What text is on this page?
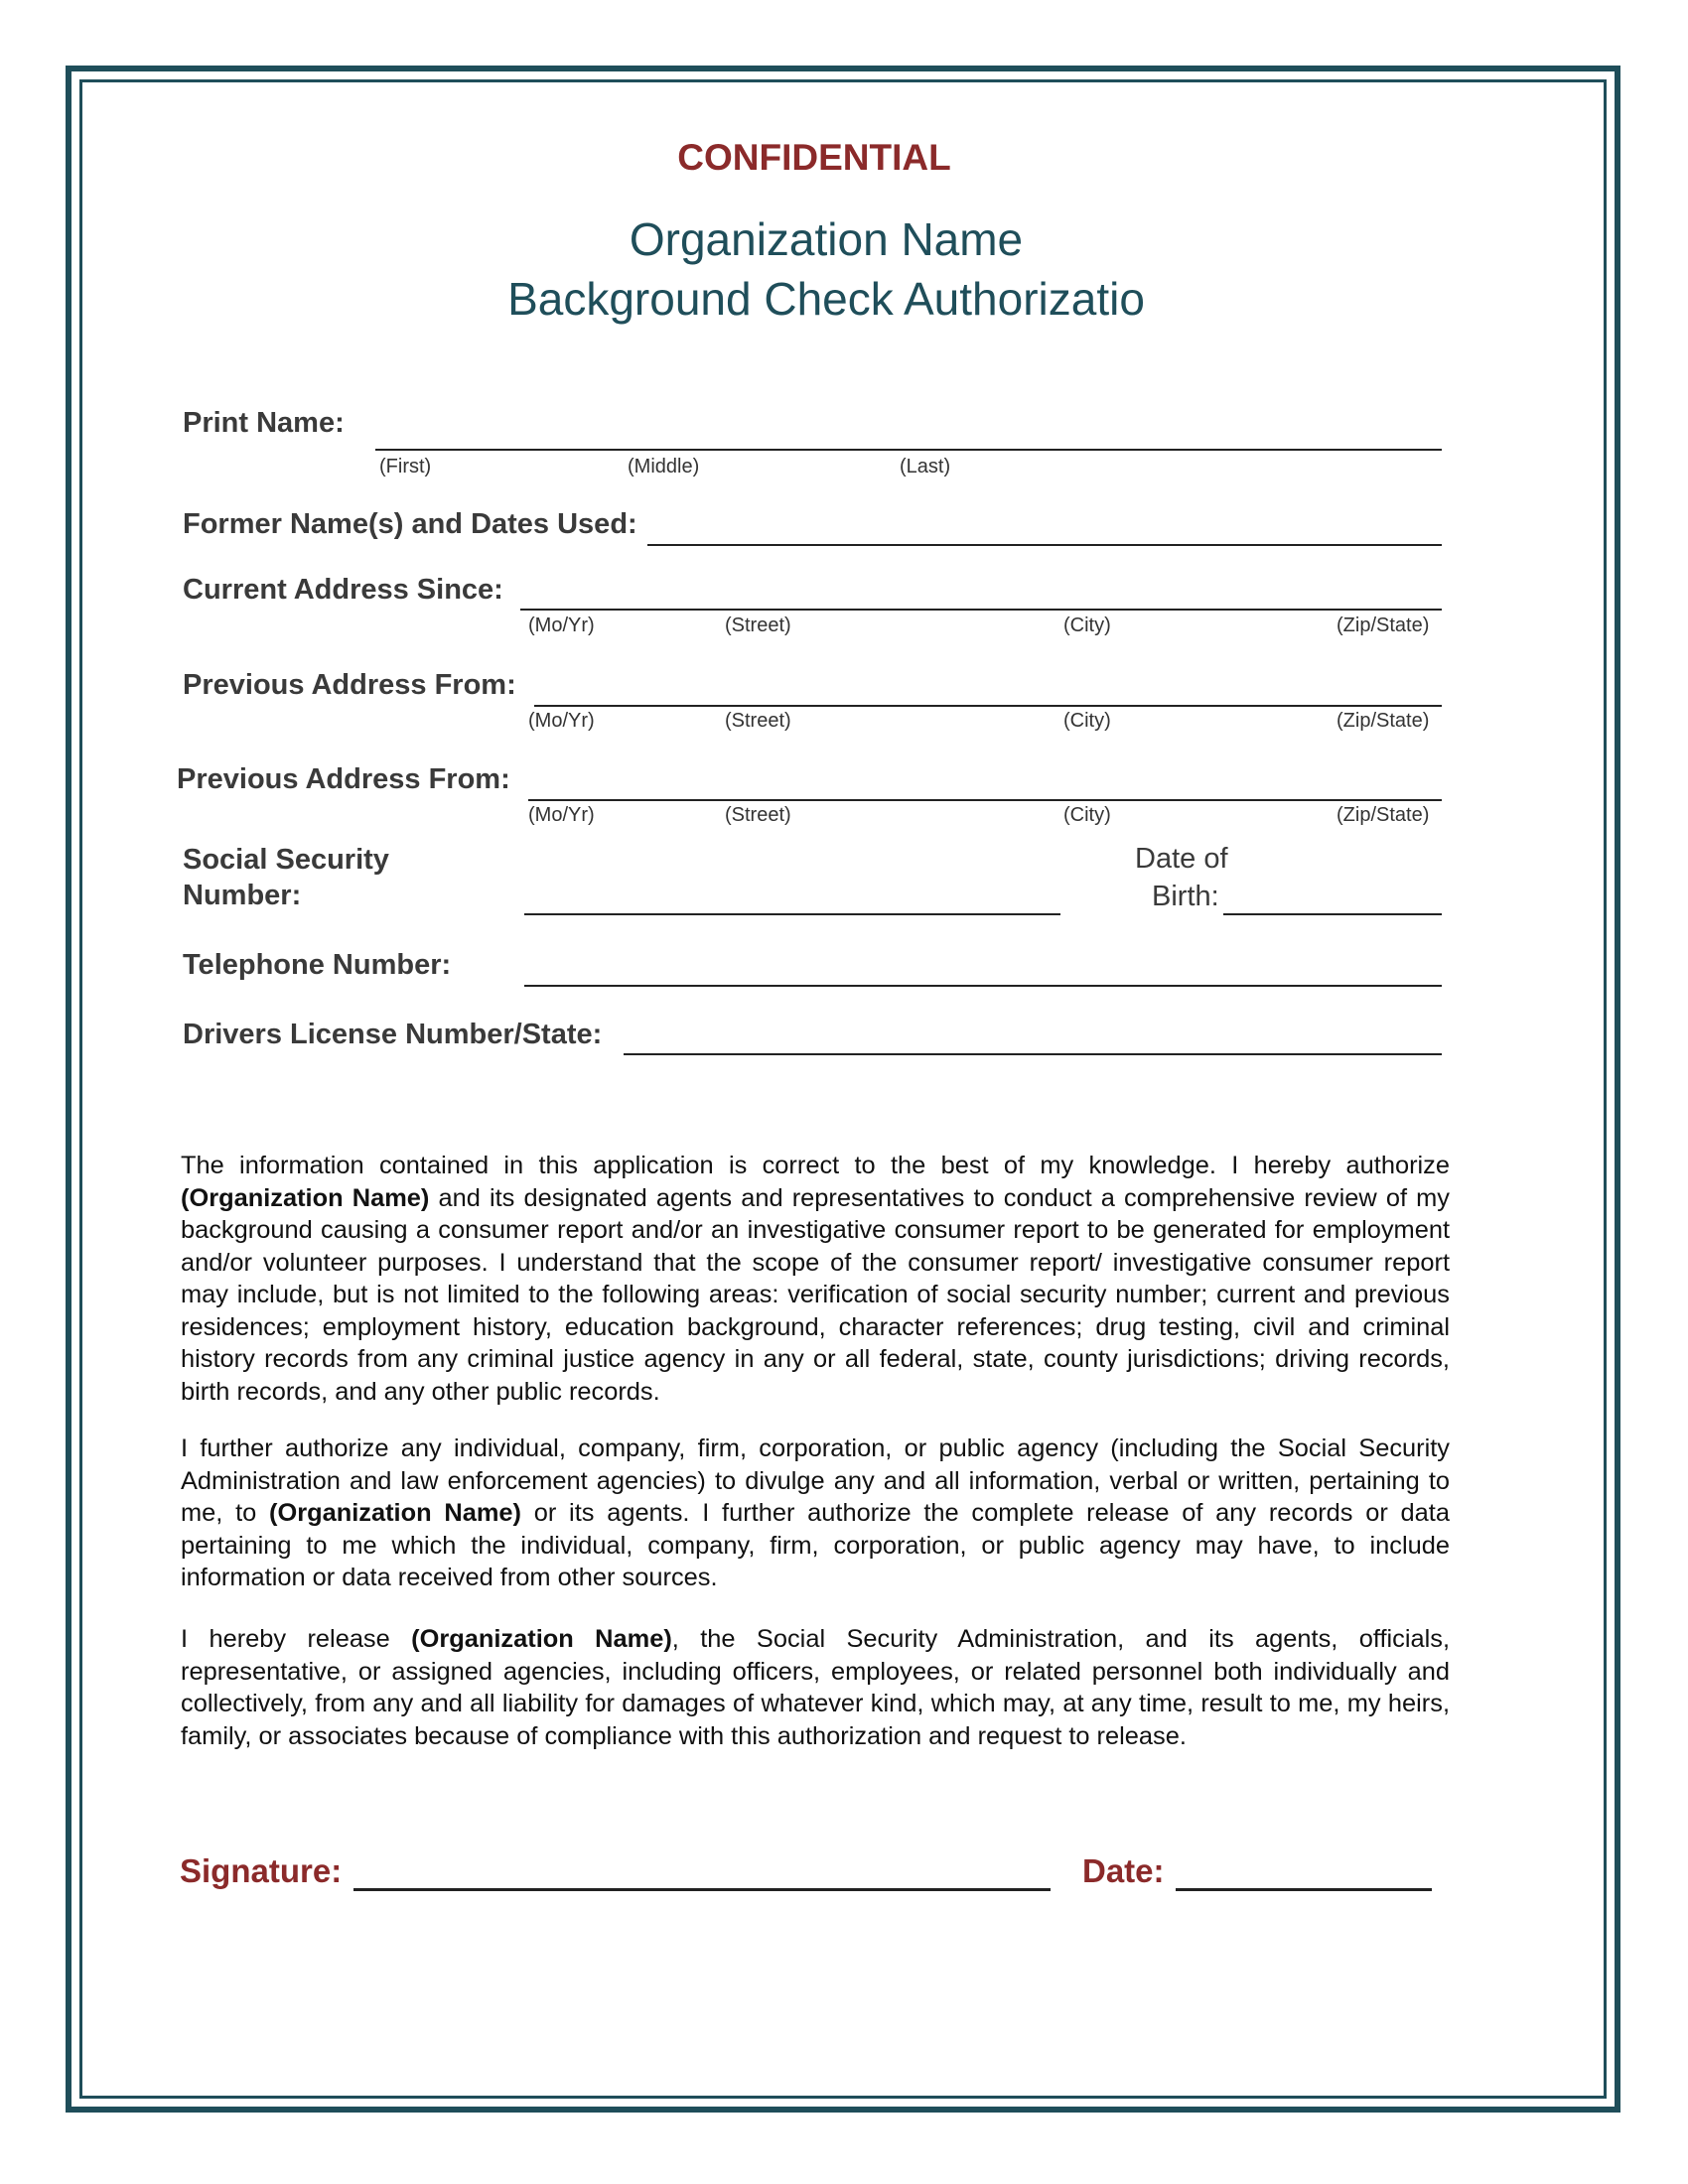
CONFIDENTIAL
Organization Name
Background Check Authorizatio
Print Name:
(First)	(Middle)	(Last)
Former Name(s) and Dates Used:
Current Address Since:
(Mo/Yr)	(Street)	(City)	(Zip/State)
Previous Address From:
(Mo/Yr)	(Street)	(City)	(Zip/State)
Previous Address From:
(Mo/Yr)	(Street)	(City)	(Zip/State)
Social Security
Number:
Date of
Birth:
Telephone Number:
Drivers License Number/State:

The information contained in this application is correct to the best of my knowledge. I hereby authorize (Organization Name) and its designated agents and representatives to conduct a comprehensive review of my background causing a consumer report and/or an investigative consumer report to be generated for employment and/or volunteer purposes. I understand that the scope of the consumer report/ investigative consumer report may include, but is not limited to the following areas: verification of social security number; current and previous residences; employment history, education background, character references; drug testing, civil and criminal history records from any criminal justice agency in any or all federal, state, county jurisdictions; driving records, birth records, and any other public records.

I further authorize any individual, company, firm, corporation, or public agency (including the Social Security Administration and law enforcement agencies) to divulge any and all information, verbal or written, pertaining to me, to (Organization Name) or its agents. I further authorize the complete release of any records or data pertaining to me which the individual, company, firm, corporation, or public agency may have, to include information or data received from other sources.

I hereby release (Organization Name), the Social Security Administration, and its agents, officials, representative, or assigned agencies, including officers, employees, or related personnel both individually and collectively, from any and all liability for damages of whatever kind, which may, at any time, result to me, my heirs, family, or associates because of compliance with this authorization and request to release.

Signature:	Date:
